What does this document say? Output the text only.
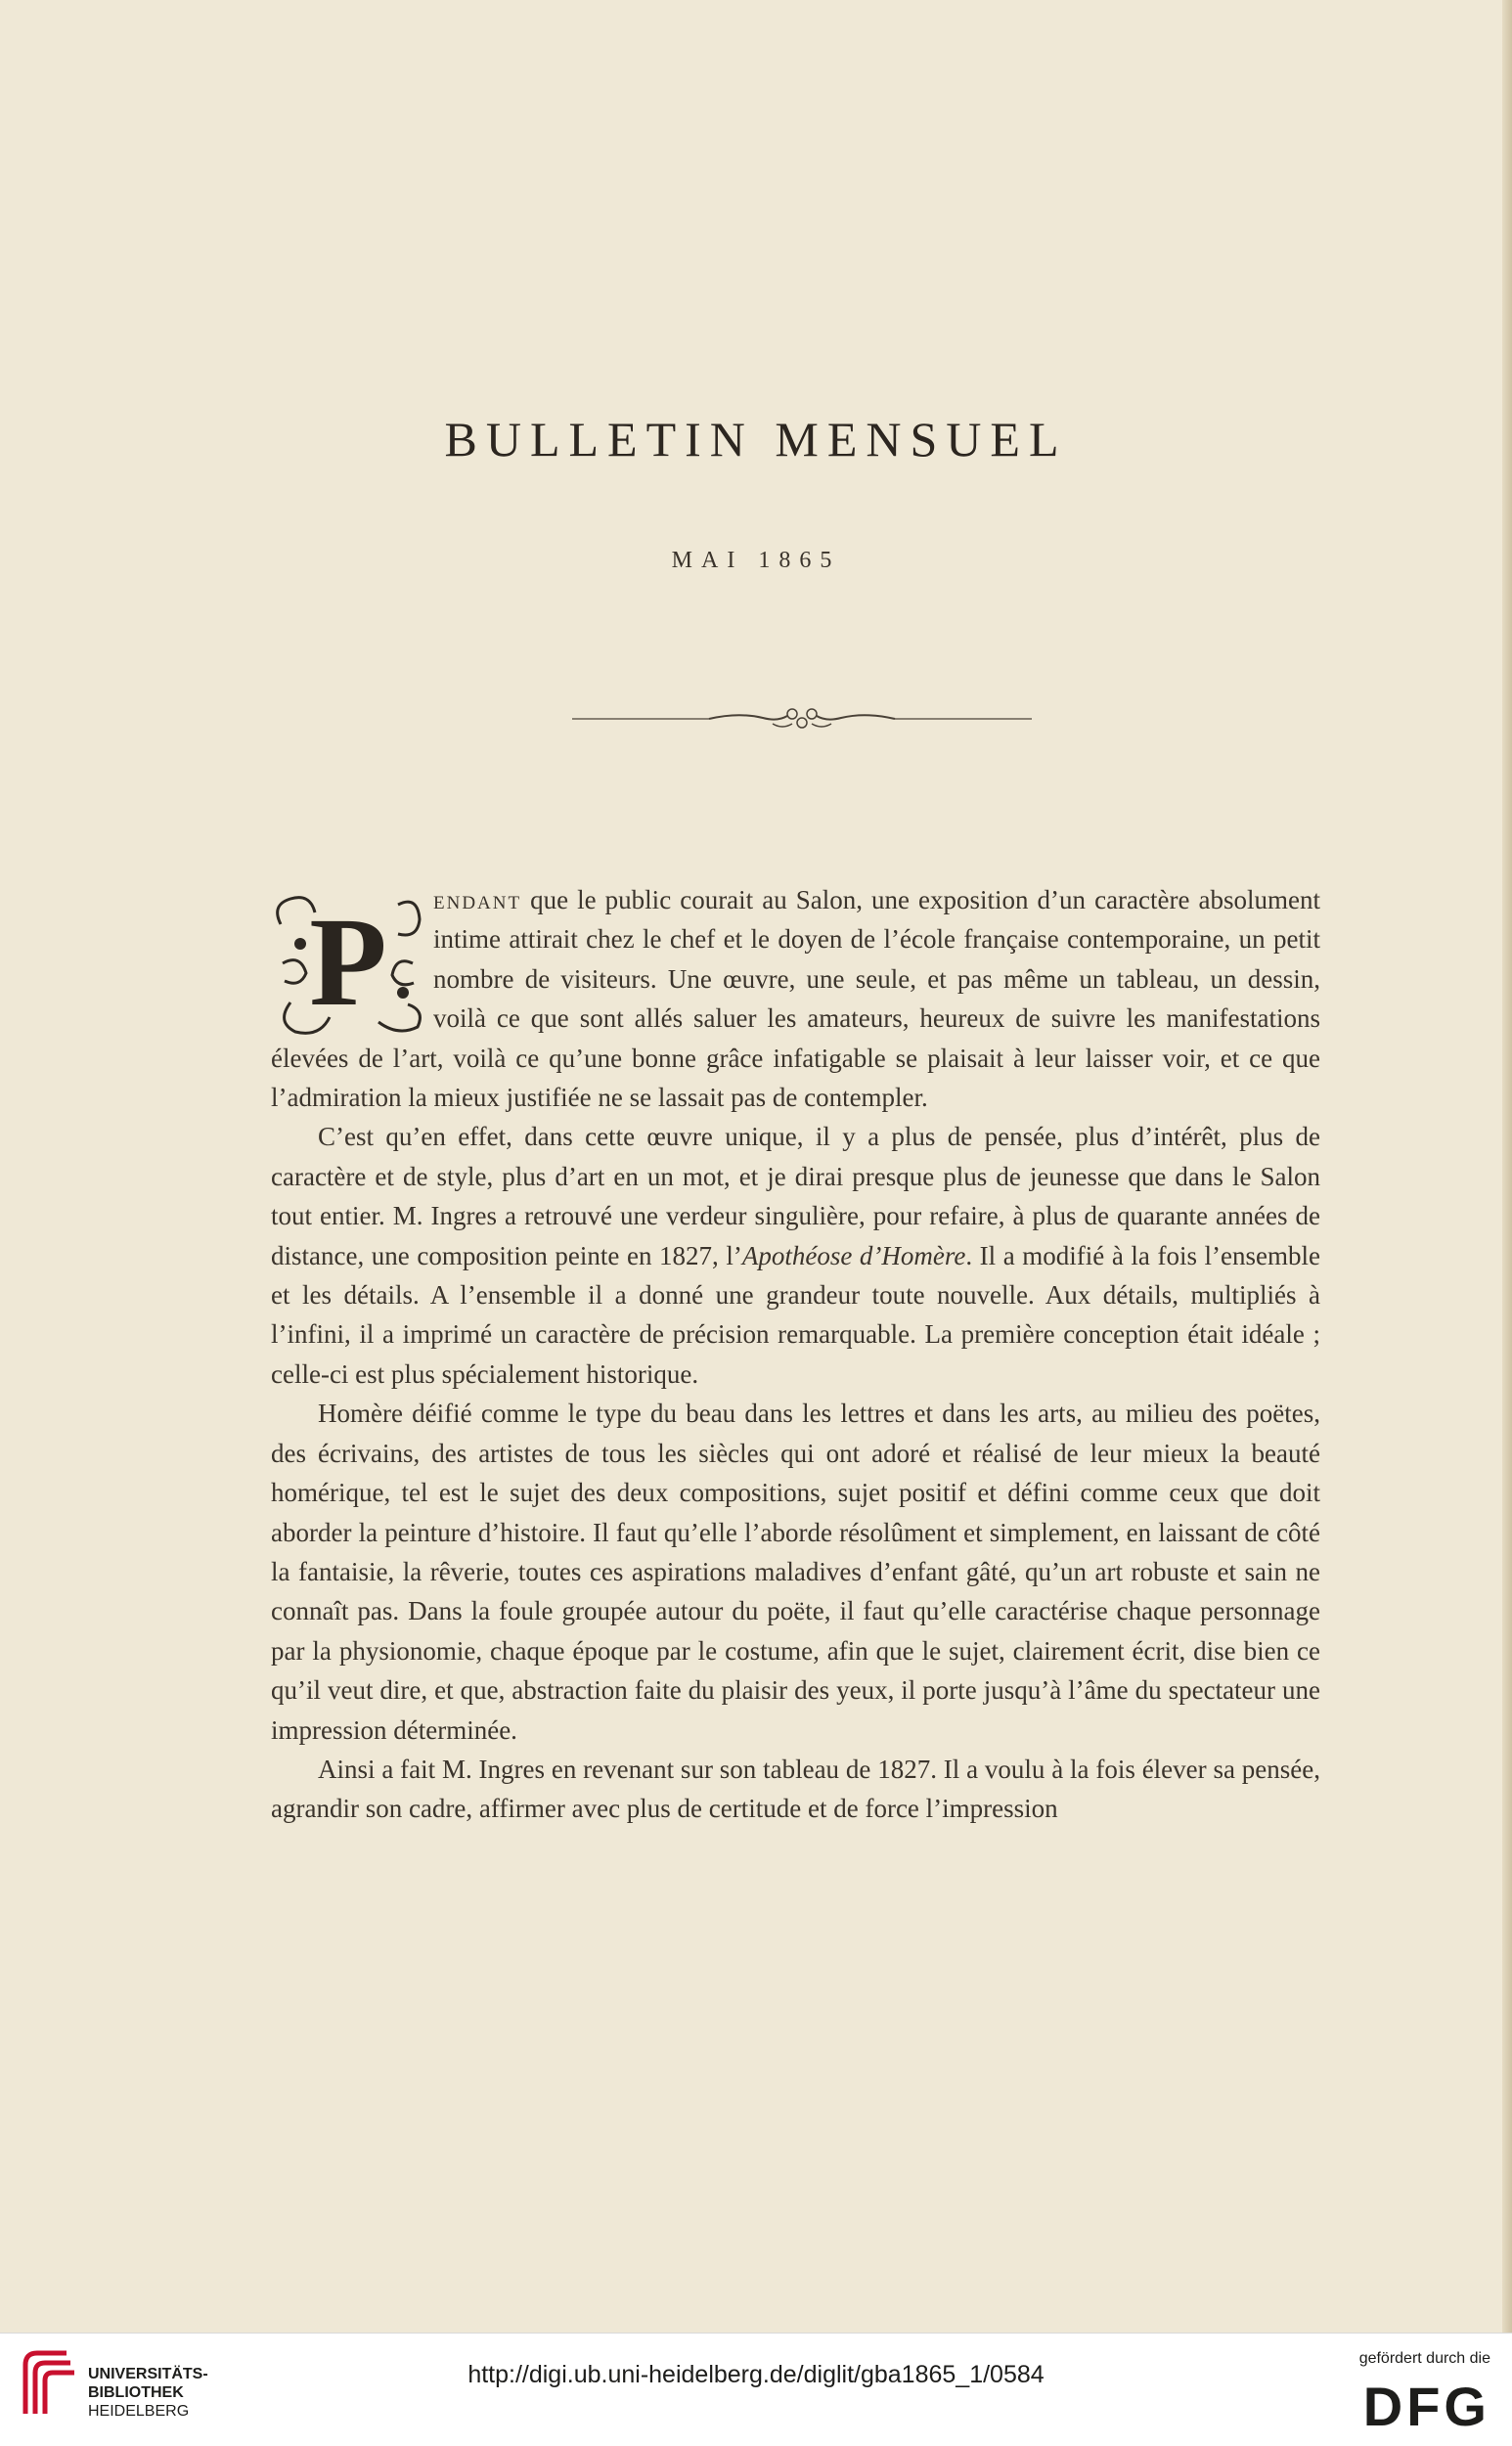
BULLETIN MENSUEL
MAI 1865
P	endant que le public courait au Salon, une exposition d’un caractère absolument intime attirait chez le chef et le doyen de l’école française contemporaine, un petit nombre de visiteurs. Une œuvre, une seule, et pas même un tableau, un dessin, voilà ce que sont allés saluer les amateurs, heureux de suivre les manifestations élevées de l’art, voilà ce qu’une bonne grâce infatigable se plaisait à leur laisser voir, et ce que l’admiration la mieux justifiée ne se lassait pas de contempler.

C’est qu’en effet, dans cette œuvre unique, il y a plus de pensée, plus d’intérêt, plus de caractère et de style, plus d’art en un mot, et je dirai presque plus de jeunesse que dans le Salon tout entier. M. Ingres a retrouvé une verdeur singulière, pour refaire, à plus de quarante années de distance, une composition peinte en 1827, l’Apothéose d’Homère. Il a modifié à la fois l’ensemble et les détails. A l’ensemble il a donné une grandeur toute nouvelle. Aux détails, multipliés à l’infini, il a imprimé un caractère de précision remarquable. La première conception était idéale ; celle-ci est plus spécialement historique.

Homère déifié comme le type du beau dans les lettres et dans les arts, au milieu des poëtes, des écrivains, des artistes de tous les siècles qui ont adoré et réalisé de leur mieux la beauté homérique, tel est le sujet des deux compositions, sujet positif et défini comme ceux que doit aborder la peinture d’histoire. Il faut qu’elle l’aborde résolûment et simplement, en laissant de côté la fantaisie, la rêverie, toutes ces aspirations maladives d’enfant gâté, qu’un art robuste et sain ne connaît pas. Dans la foule groupée autour du poëte, il faut qu’elle caractérise chaque personnage par la physionomie, chaque époque par le costume, afin que le sujet, clairement écrit, dise bien ce qu’il veut dire, et que, abstraction faite du plaisir des yeux, il porte jusqu’à l’âme du spectateur une impression déterminée.

Ainsi a fait M. Ingres en revenant sur son tableau de 1827. Il a voulu à la fois élever sa pensée, agrandir son cadre, affirmer avec plus de certitude et de force l’impression

UNIVERSITÄTS-
BIBLIOTHEK
HEIDELBERG
http://digi.ub.uni-heidelberg.de/diglit/gba1865_1/0584
gefördert durch die
DFG
